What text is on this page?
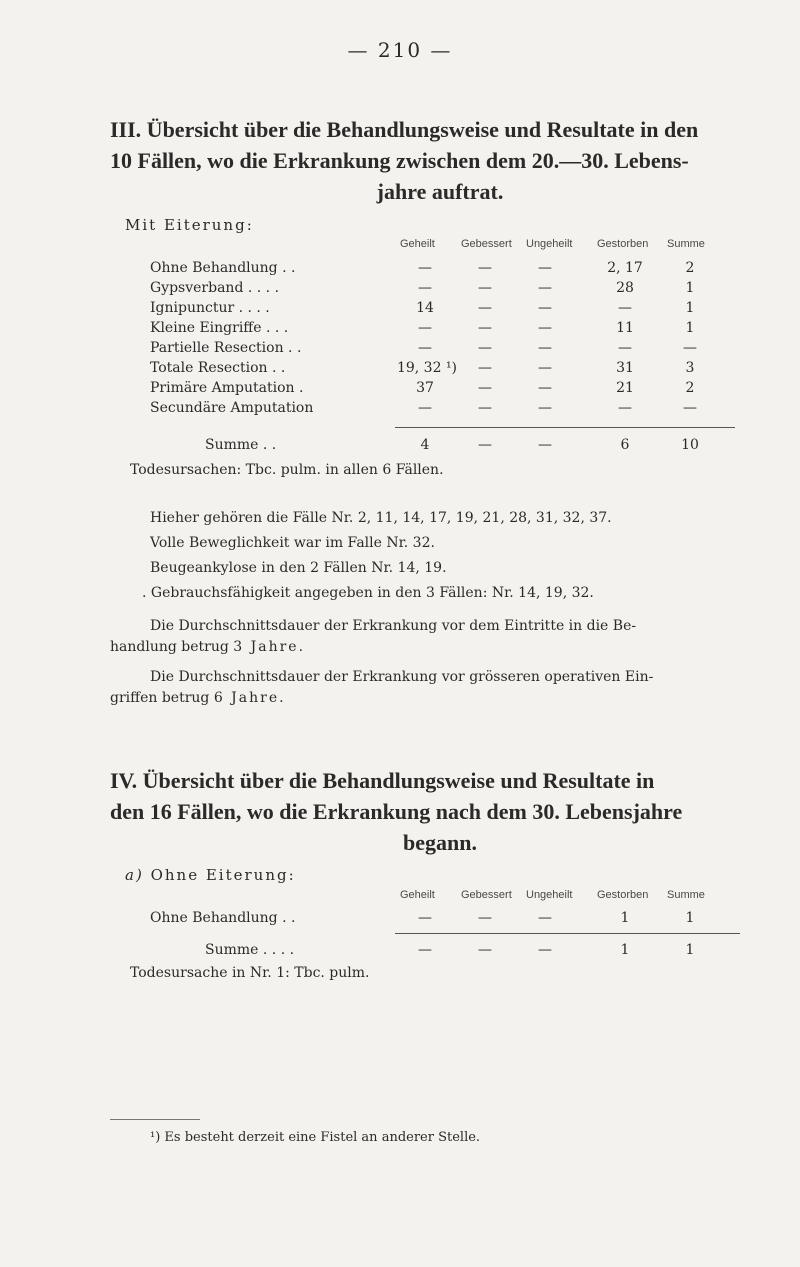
— 210 —
III. Übersicht über die Behandlungsweise und Resultate in den
10 Fällen, wo die Erkrankung zwischen dem 20.—30. Lebens-
jahre auftrat.
Mit Eiterung:
Geheilt Gebessert Ungeheilt Gestorben Summe
Ohne Behandlung . .	—	—	—	2, 17	2
Gypsverband . . . .	—	—	—	28	1
Ignipunctur . . . .	14	—	—	—	1
Kleine Eingriffe . . .	—	—	—	11	1
Partielle Resection . .	—	—	—	—	—
Totale Resection . .	19, 32 ¹)	—	—	31	3
Primäre Amputation .	37	—	—	21	2
Secundäre Amputation	—	—	—	—	—
Summe . .	4	—	—	6	10
Todesursachen: Tbc. pulm. in allen 6 Fällen.
Hieher gehören die Fälle Nr. 2, 11, 14, 17, 19, 21, 28, 31, 32, 37.
Volle Beweglichkeit war im Falle Nr. 32.
Beugeankylose in den 2 Fällen Nr. 14, 19.
. Gebrauchsfähigkeit angegeben in den 3 Fällen: Nr. 14, 19, 32.
Die Durchschnittsdauer der Erkrankung vor dem Eintritte in die Be-
handlung betrug 3 Jahre.
Die Durchschnittsdauer der Erkrankung vor grösseren operativen Ein-
griffen betrug 6 Jahre.
IV. Übersicht über die Behandlungsweise und Resultate in
den 16 Fällen, wo die Erkrankung nach dem 30. Lebensjahre
begann.
a) Ohne Eiterung:
Geheilt Gebessert Ungeheilt Gestorben Summe
Ohne Behandlung . .	—	—	—	1	1
Summe . . . .	—	—	—	1	1
Todesursache in Nr. 1: Tbc. pulm.
¹) Es besteht derzeit eine Fistel an anderer Stelle.
